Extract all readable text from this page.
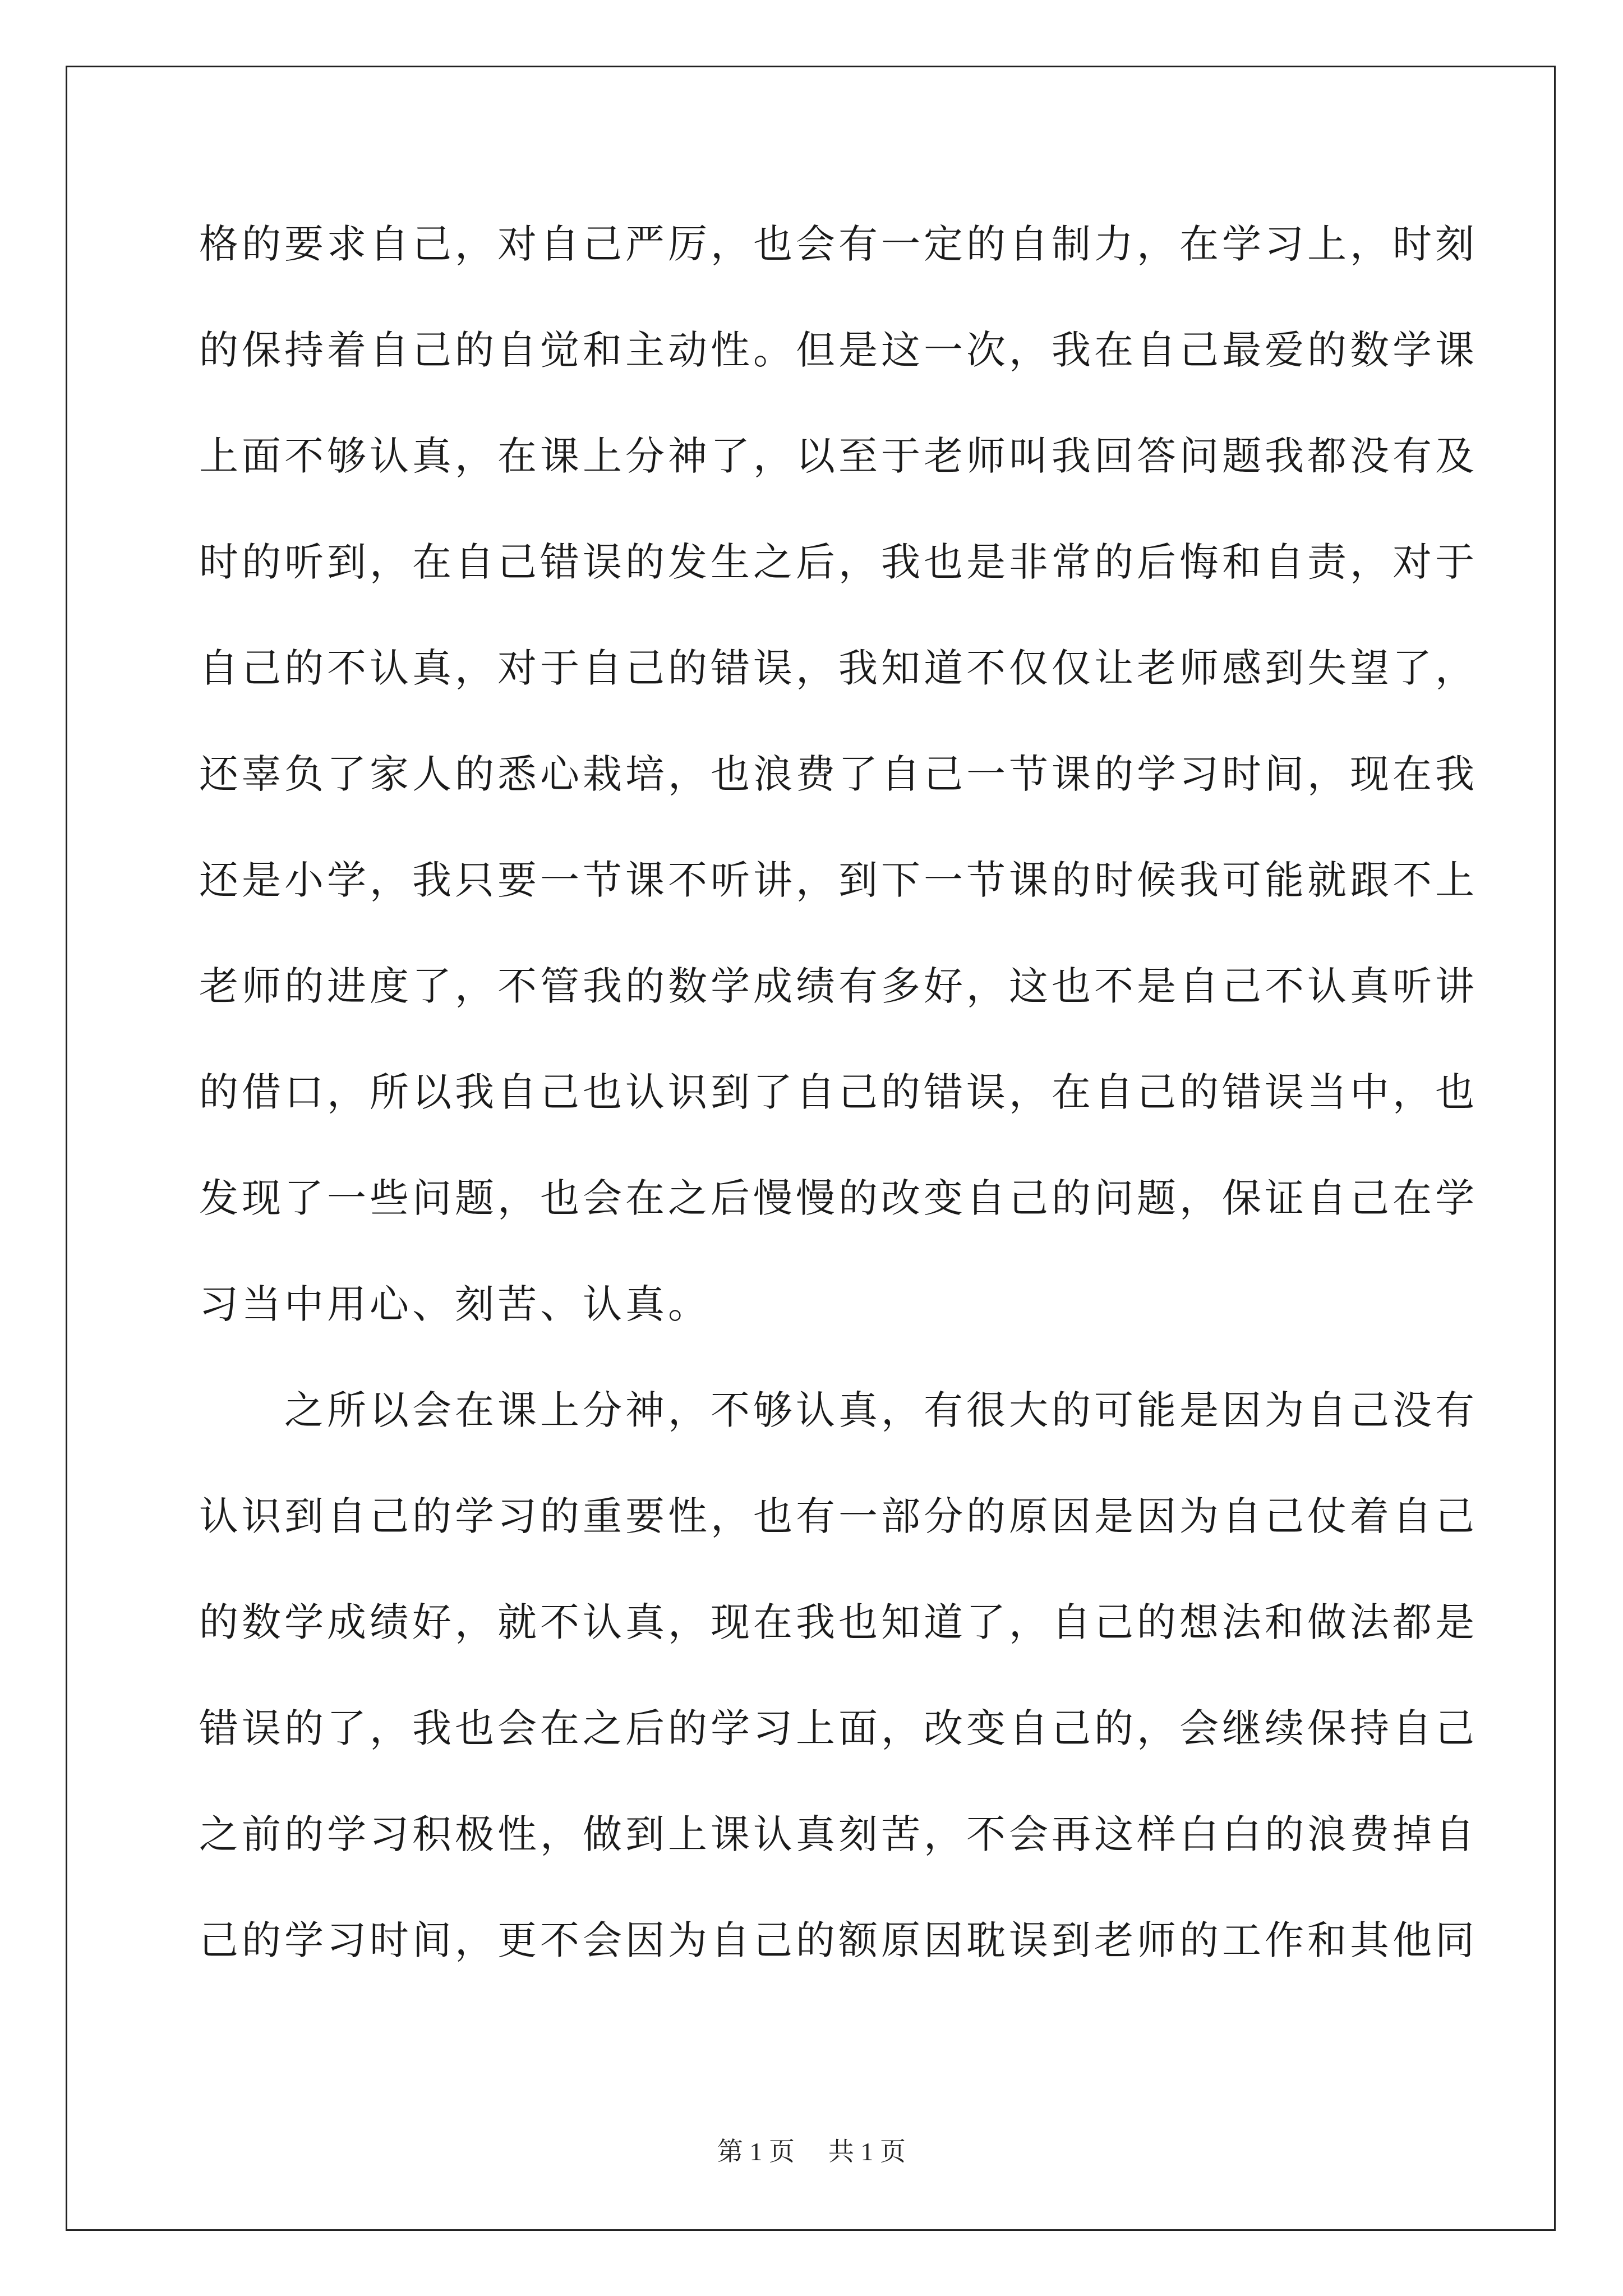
格的要求自己，对自己严厉，也会有一定的自制力，在学习上，时刻
的保持着自己的自觉和主动性。但是这一次，我在自己最爱的数学课
上面不够认真，在课上分神了，以至于老师叫我回答问题我都没有及
时的听到，在自己错误的发生之后，我也是非常的后悔和自责，对于
自己的不认真，对于自己的错误，我知道不仅仅让老师感到失望了，
还辜负了家人的悉心栽培，也浪费了自己一节课的学习时间，现在我
还是小学，我只要一节课不听讲，到下一节课的时候我可能就跟不上
老师的进度了，不管我的数学成绩有多好，这也不是自己不认真听讲
的借口，所以我自己也认识到了自己的错误，在自己的错误当中，也
发现了一些问题，也会在之后慢慢的改变自己的问题，保证自己在学
习当中用心、刻苦、认真。
　　之所以会在课上分神，不够认真，有很大的可能是因为自己没有
认识到自己的学习的重要性，也有一部分的原因是因为自己仗着自己
的数学成绩好，就不认真，现在我也知道了，自己的想法和做法都是
错误的了，我也会在之后的学习上面，改变自己的，会继续保持自己
之前的学习积极性，做到上课认真刻苦，不会再这样白白的浪费掉自
己的学习时间，更不会因为自己的额原因耽误到老师的工作和其他同
第 1 页 共 1 页
